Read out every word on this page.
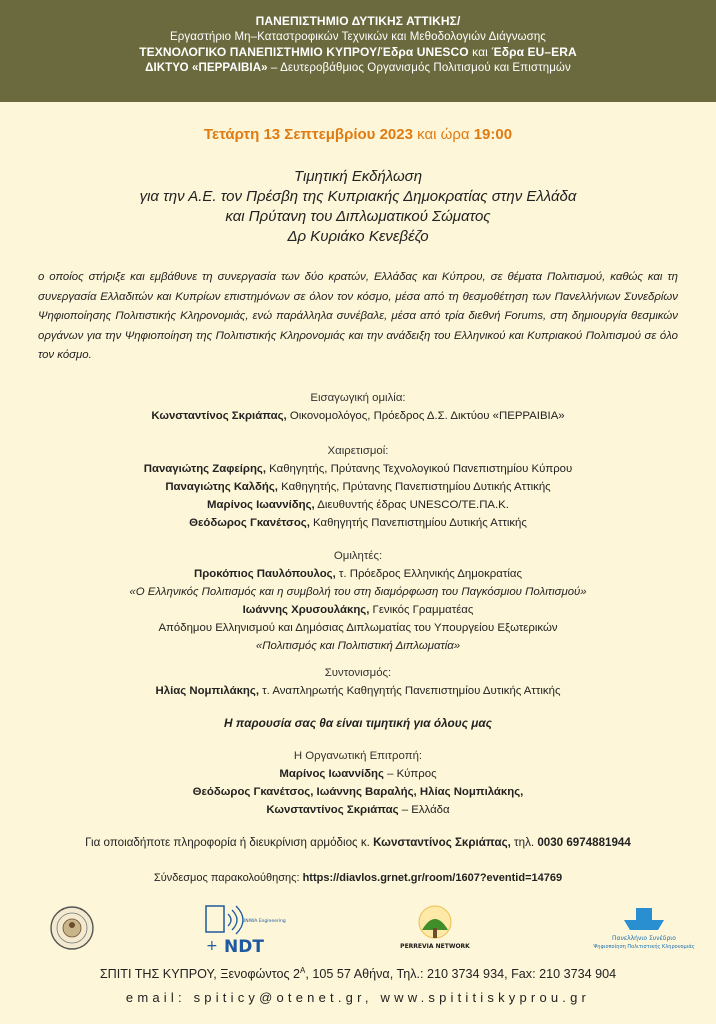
ΠΑΝΕΠΙΣΤΗΜΙΟ ΔΥΤΙΚΗΣ ΑΤΤΙΚΗΣ/
Εργαστήριο Μη–Καταστροφικών Τεχνικών και Μεθοδολογιών Διάγνωσης
ΤΕΧΝΟΛΟΓΙΚΟ ΠΑΝΕΠΙΣΤΗΜΙΟ ΚΥΠΡΟΥ/Έδρα UNESCO και Έδρα EU–ERA
ΔΙΚΤΥΟ «ΠΕΡΡΑΙΒΙΑ» – Δευτεροβάθμιος Οργανισμός Πολιτισμού και Επιστημών
Τετάρτη 13 Σεπτεμβρίου 2023 και ώρα 19:00
Τιμητική Εκδήλωση
για την Α.Ε. τον Πρέσβη της Κυπριακής Δημοκρατίας στην Ελλάδα
και Πρύτανη του Διπλωματικού Σώματος
Δρ Κυριάκο Κενεβέζο
ο οποίος στήριξε και εμβάθυνε τη συνεργασία των δύο κρατών, Ελλάδας και Κύπρου, σε θέματα Πολιτισμού, καθώς και τη συνεργασία Ελλαδιτών και Κυπρίων επιστημόνων σε όλον τον κόσμο, μέσα από τη θεσμοθέτηση των Πανελλήνιων Συνεδρίων Ψηφιοποίησης Πολιτιστικής Κληρονομιάς, ενώ παράλληλα συνέβαλε, μέσα από τρία διεθνή Forums, στη δημιουργία θεσμικών οργάνων για την Ψηφιοποίηση της Πολιτιστικής Κληρονομιάς και την ανάδειξη του Ελληνικού και Κυπριακού Πολιτισμού σε όλο τον κόσμο.
Εισαγωγική ομιλία:
Κωνσταντίνος Σκριάπας, Οικονομολόγος, Πρόεδρος Δ.Σ. Δικτύου «ΠΕΡΡΑΙΒΙΑ»
Χαιρετισμοί:
Παναγιώτης Ζαφείρης, Καθηγητής, Πρύτανης Τεχνολογικού Πανεπιστημίου Κύπρου
Παναγιώτης Καλδής, Καθηγητής, Πρύτανης Πανεπιστημίου Δυτικής Αττικής
Μαρίνος Ιωαννίδης, Διευθυντής έδρας UNESCO/ΤΕ.ΠΑ.Κ.
Θεόδωρος Γκανέτσος, Καθηγητής Πανεπιστημίου Δυτικής Αττικής
Ομιλητές:
Προκόπιος Παυλόπουλος, τ. Πρόεδρος Ελληνικής Δημοκρατίας
«Ο Ελληνικός Πολιτισμός και η συμβολή του στη διαμόρφωση του Παγκόσμιου Πολιτισμού»
Ιωάννης Χρυσουλάκης, Γενικός Γραμματέας
Απόδημου Ελληνισμού και Δημόσιας Διπλωματίας του Υπουργείου Εξωτερικών
«Πολιτισμός και Πολιτιστική Διπλωματία»
Συντονισμός:
Ηλίας Νομπιλάκης, τ. Αναπληρωτής Καθηγητής Πανεπιστημίου Δυτικής Αττικής
Η παρουσία σας θα είναι τιμητική για όλους μας
Η Οργανωτική Επιτροπή:
Μαρίνος Ιωαννίδης – Κύπρος
Θεόδωρος Γκανέτσος, Ιωάννης Βαραλής, Ηλίας Νομπιλάκης,
Κωνσταντίνος Σκριάπας – Ελλάδα
Για οποιαδήποτε πληροφορία ή διευκρίνιση αρμόδιος κ. Κωνσταντίνος Σκριάπας, τηλ. 0030 6974881944
Σύνδεσμος παρακολούθησης: https://diavlos.grnet.gr/room/1607?eventid=14769
UNIWA Engineering
NDT
+	PERREVIA NETWORK
Πανελλήνιο Συνέδριο
Ψηφιοποίηση Πολιτιστικής Κληρονομιάς
ΣΠΙΤΙ ΤΗΣ ΚΥΠΡΟΥ, Ξενοφώντος $2^A$, 105 57 Αθήνα, Τηλ.: 210 3734 934, Fax: 210 3734 904
email: spiticy@otenet.gr, www.spititiskyprou.gr
